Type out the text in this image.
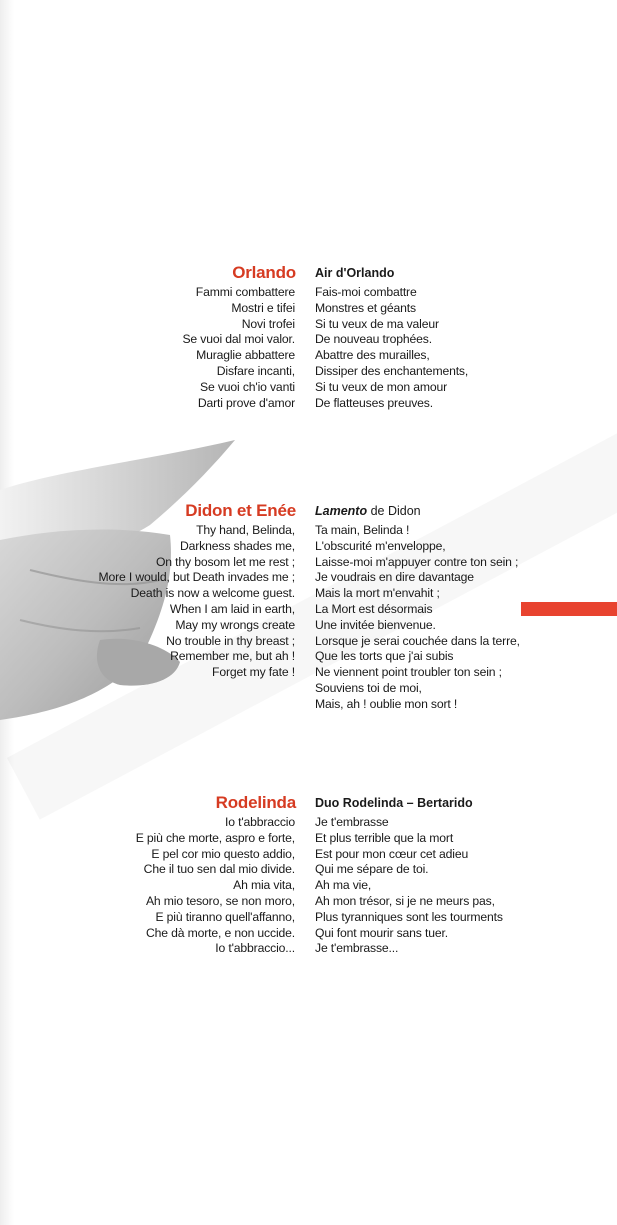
Orlando Air d'Orlando
Fammi combattere
Mostri e tifei
Novi trofei
Se vuoi dal moi valor.
Muraglie abbattere
Disfare incanti,
Se vuoi ch'io vanti
Darti prove d'amor
Fais-moi combattre
Monstres et géants
Si tu veux de ma valeur
De nouveau trophées.
Abattre des murailles,
Dissiper des enchantements,
Si tu veux de mon amour
De flatteuses preuves.
Didon et Enée Lamento de Didon
Thy hand, Belinda,
Darkness shades me,
On thy bosom let me rest ;
More I would, but Death invades me ;
Death is now a welcome guest.
When I am laid in earth,
May my wrongs create
No trouble in thy breast ;
Remember me, but ah !
Forget my fate !
Ta main, Belinda !
L'obscurité m'enveloppe,
Laisse-moi m'appuyer contre ton sein ;
Je voudrais en dire davantage
Mais la mort m'envahit ;
La Mort est désormais
Une invitée bienvenue.
Lorsque je serai couchée dans la terre,
Que les torts que j'ai subis
Ne viennent point troubler ton sein ;
Souviens toi de moi,
Mais, ah ! oublie mon sort !
Rodelinda Duo Rodelinda – Bertarido
Io t'abbraccio
E più che morte, aspro e forte,
E pel cor mio questo addio,
Che il tuo sen dal mio divide.
Ah mia vita,
Ah mio tesoro, se non moro,
E più tiranno quell'affanno,
Che dà morte, e non uccide.
Io t'abbraccio...
Je t'embrasse
Et plus terrible que la mort
Est pour mon cœur cet adieu
Qui me sépare de toi.
Ah ma vie,
Ah mon trésor, si je ne meurs pas,
Plus tyranniques sont les tourments
Qui font mourir sans tuer.
Je t'embrasse...
